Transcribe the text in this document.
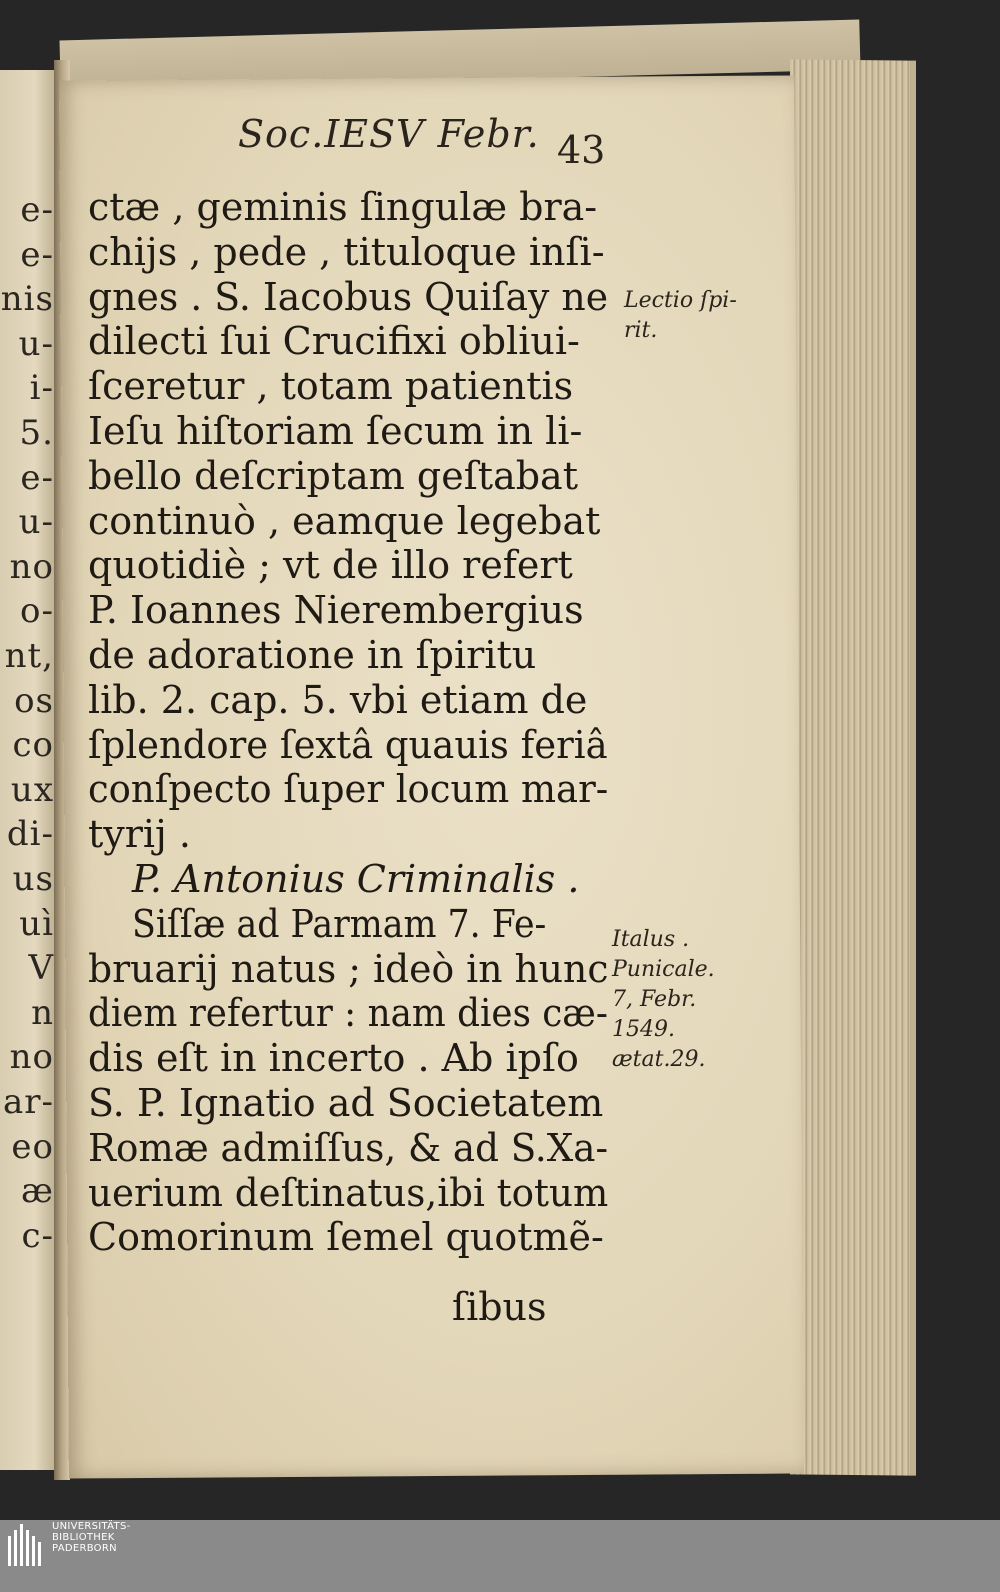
e-
e-
nis
u-
i-
5.
e-
u-
no
o-
nt,
os
co
ux
di-
us
uì
V
n
no
ar-
eo
æ
c-
Soc.IESV Febr. 43
ctæ , geminis ſingulæ bra-
chijs , pede , tituloque inſi-
gnes . S. Iacobus Quiſay ne
dilecti ſui Crucifixi obliui-
ſceretur , totam patientis
Ieſu hiſtoriam ſecum in li-
bello deſcriptam geſtabat
continuò , eamque legebat
quotidiè ; vt de illo refert
P. Ioannes Nierembergius
de adoratione in ſpiritu
lib. 2. cap. 5. vbi etiam de
ſplendore ſextâ quauis feriâ
conſpecto ſuper locum mar-
tyrij .
P. Antonius Criminalis .
Siſſæ ad Parmam 7. Fe-
bruarij natus ; ideò in hunc
diem refertur : nam dies cæ-
dis eſt in incerto . Ab ipſo
S. P. Ignatio ad Societatem
Romæ admiſſus, & ad S.Xa-
uerium deſtinatus,ibi totum
Comorinum ſemel quotmẽ-
ſibus
Lectio ſpi-
rit.
Italus .
Punicale.
7, Febr.
1549.
ætat.29.
UNIVERSITÄTS-
BIBLIOTHEK
PADERBORN
